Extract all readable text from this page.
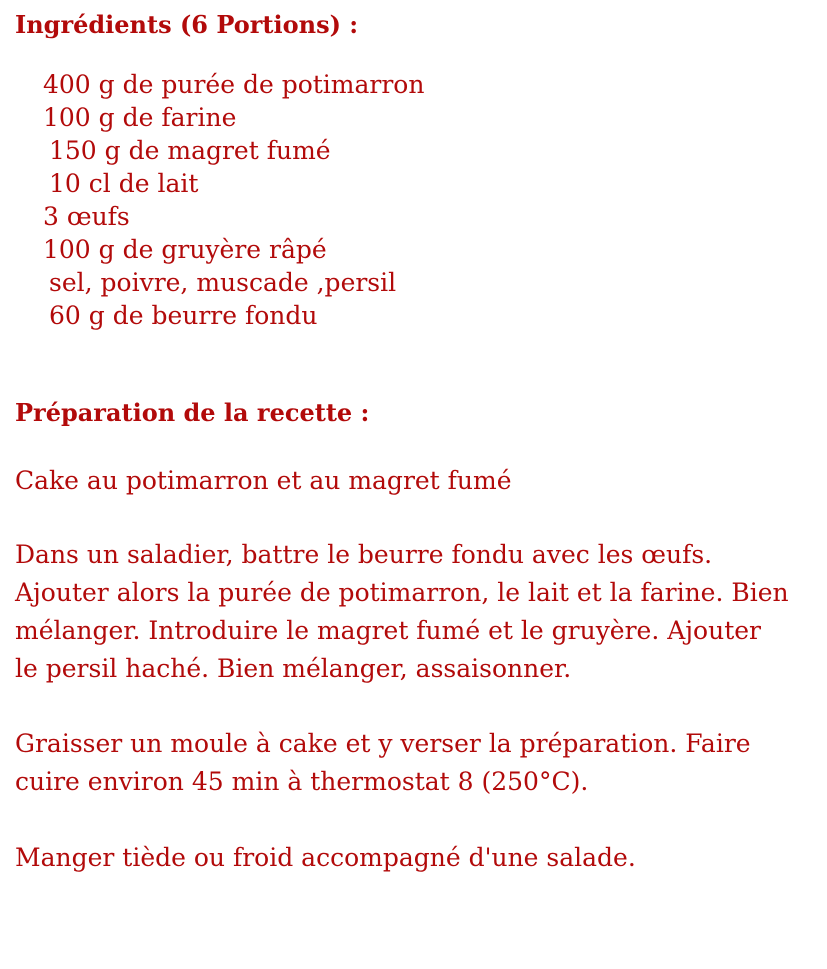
Ingrédients (6 Portions) :
400 g de purée de potimarron
100 g de farine
150 g de magret fumé
10 cl de lait
3 œufs
100 g de gruyère râpé
sel, poivre, muscade ,persil
60 g de beurre fondu
Préparation de la recette :
Cake au potimarron et au magret fumé

Dans un saladier, battre le beurre fondu avec les œufs.
Ajouter alors la purée de potimarron, le lait et la farine. Bien
mélanger. Introduire le magret fumé et le gruyère. Ajouter
le persil haché. Bien mélanger, assaisonner.

Graisser un moule à cake et y verser la préparation. Faire
cuire environ 45 min à thermostat 8 (250°C).

Manger tiède ou froid accompagné d'une salade.
